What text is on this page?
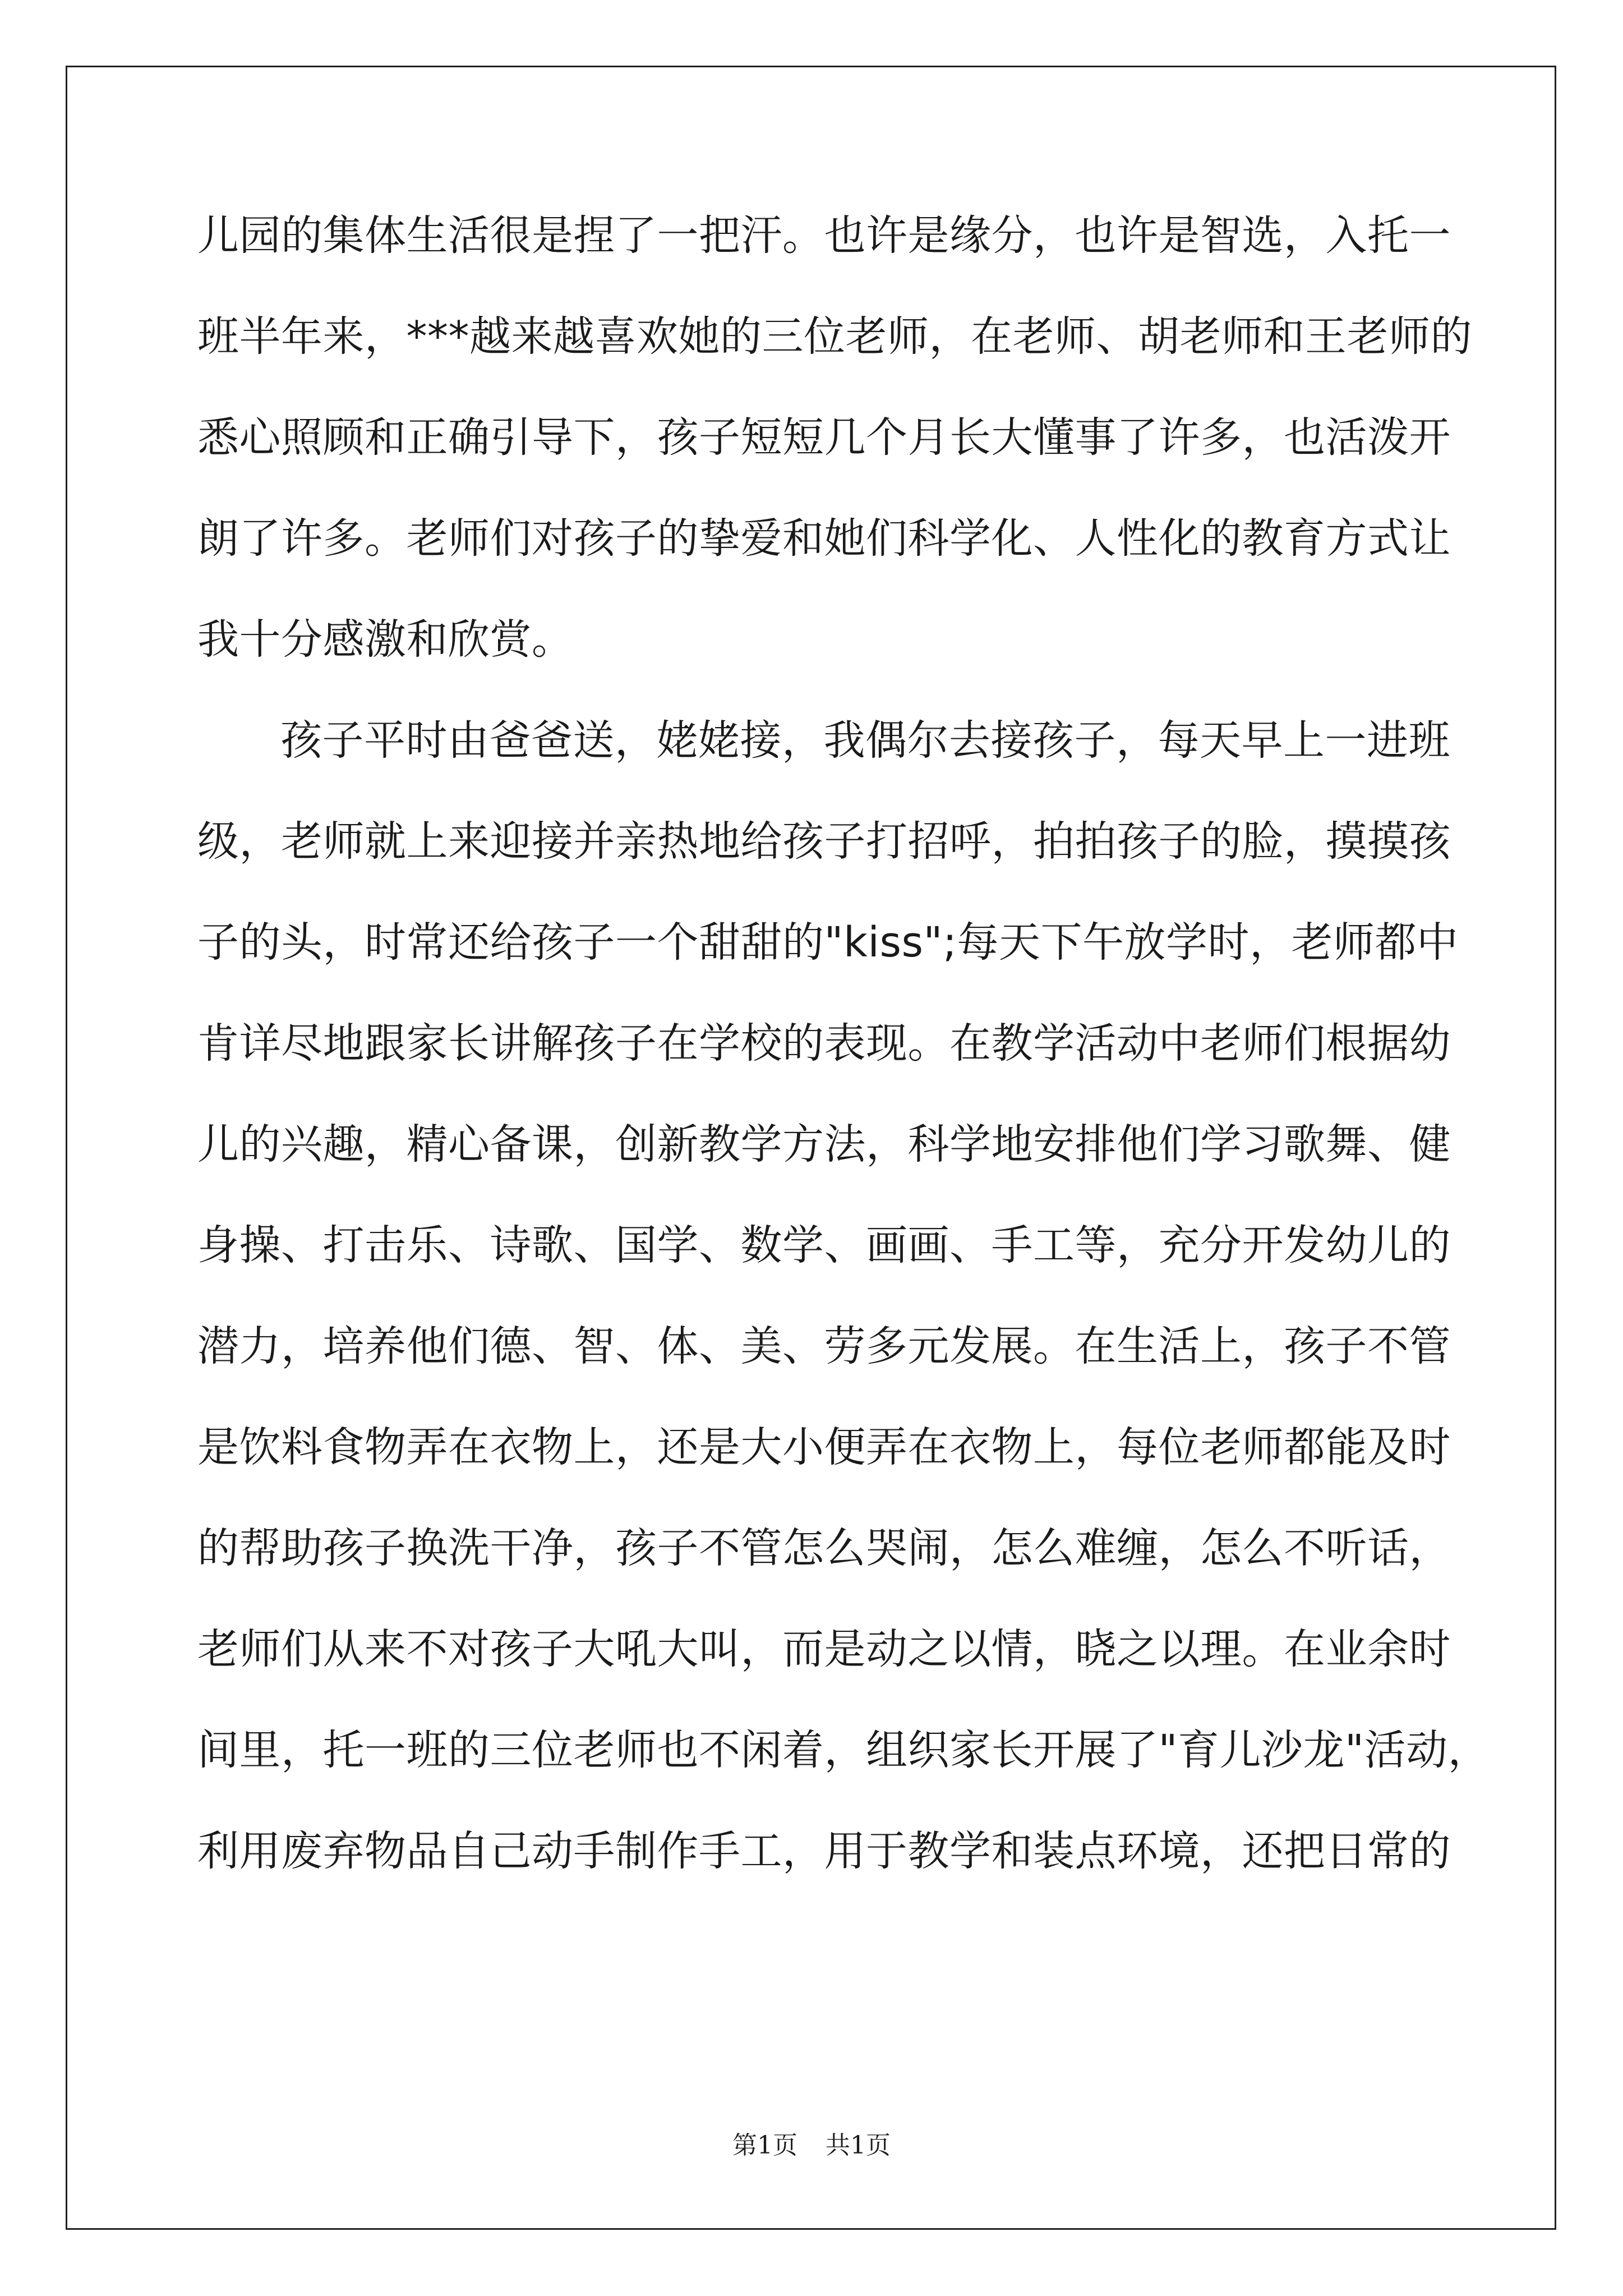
儿园的集体生活很是捏了一把汗。也许是缘分，也许是智选，入托一
班半年来，***越来越喜欢她的三位老师，在老师、胡老师和王老师的
悉心照顾和正确引导下，孩子短短几个月长大懂事了许多，也活泼开
朗了许多。老师们对孩子的挚爱和她们科学化、人性化的教育方式让
我十分感激和欣赏。
孩子平时由爸爸送，姥姥接，我偶尔去接孩子，每天早上一进班
级，老师就上来迎接并亲热地给孩子打招呼，拍拍孩子的脸，摸摸孩
子的头，时常还给孩子一个甜甜的"kiss";每天下午放学时，老师都中
肯详尽地跟家长讲解孩子在学校的表现。在教学活动中老师们根据幼
儿的兴趣，精心备课，创新教学方法，科学地安排他们学习歌舞、健
身操、打击乐、诗歌、国学、数学、画画、手工等，充分开发幼儿的
潜力，培养他们德、智、体、美、劳多元发展。在生活上，孩子不管
是饮料食物弄在衣物上，还是大小便弄在衣物上，每位老师都能及时
的帮助孩子换洗干净，孩子不管怎么哭闹，怎么难缠，怎么不听话，
老师们从来不对孩子大吼大叫，而是动之以情，晓之以理。在业余时
间里，托一班的三位老师也不闲着，组织家长开展了"育儿沙龙"活动，
利用废弃物品自己动手制作手工，用于教学和装点环境，还把日常的
第1页 共1页
